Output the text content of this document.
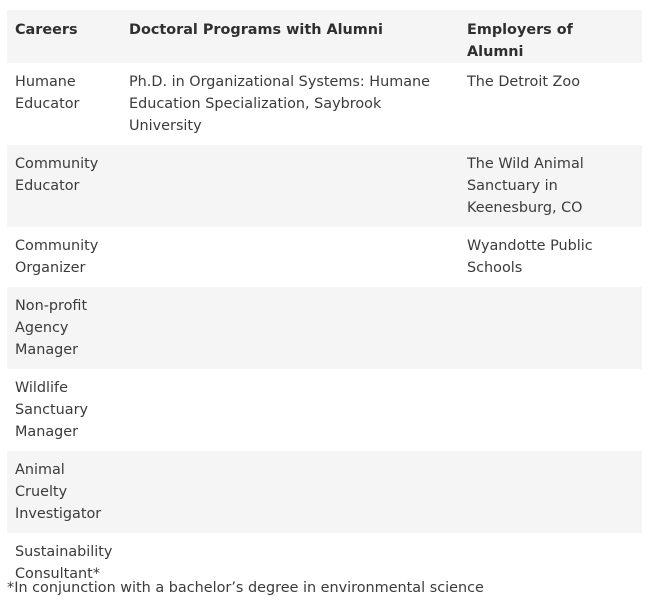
Careers	Doctoral Programs with Alumni	Employers of Alumni
Humane Educator	Ph.D. in Organizational Systems: Humane Education Specialization, Saybrook University	The Detroit Zoo
Community Educator		The Wild Animal Sanctuary in Keenesburg, CO
Community Organizer		Wyandotte Public Schools
Non-profit Agency Manager		
Wildlife Sanctuary Manager		
Animal Cruelty Investigator		
Sustainability Consultant*		
*In conjunction with a bachelor’s degree in environmental science
